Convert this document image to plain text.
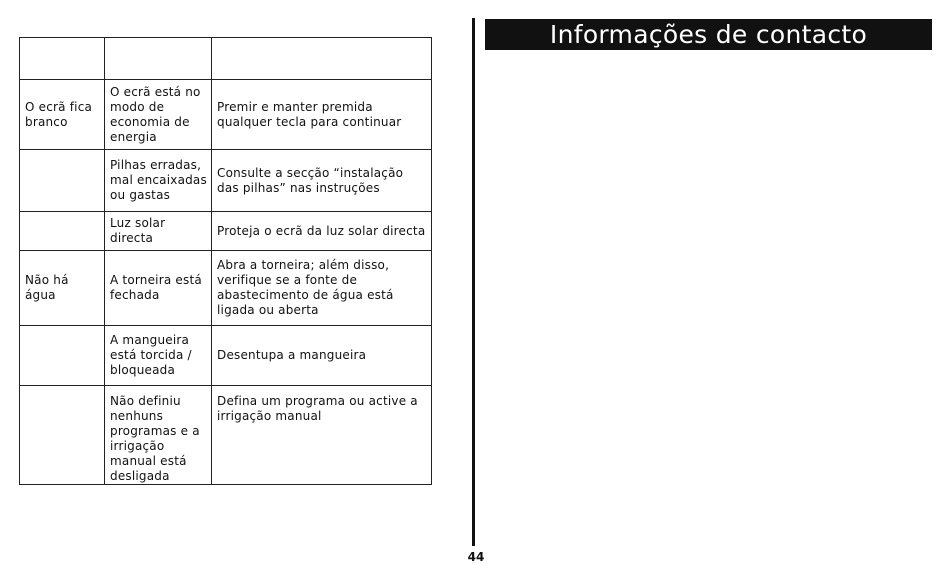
O ecrã fica branco	O ecrã está no modo de economia de energia	Premir e manter premida qualquer tecla para continuar
	Pilhas erradas, mal encaixadas ou gastas	Consulte a secção “instalação das pilhas” nas instruções
	Luz solar directa	Proteja o ecrã da luz solar directa
Não há água	A torneira está fechada	Abra a torneira; além disso, verifique se a fonte de abastecimento de água está ligada ou aberta
	A mangueira está torcida / bloqueada	Desentupa a mangueira
	Não definiu nenhuns programas e a irrigação manual está desligada	Defina um programa ou active a irrigação manual
44
Informações de contacto
